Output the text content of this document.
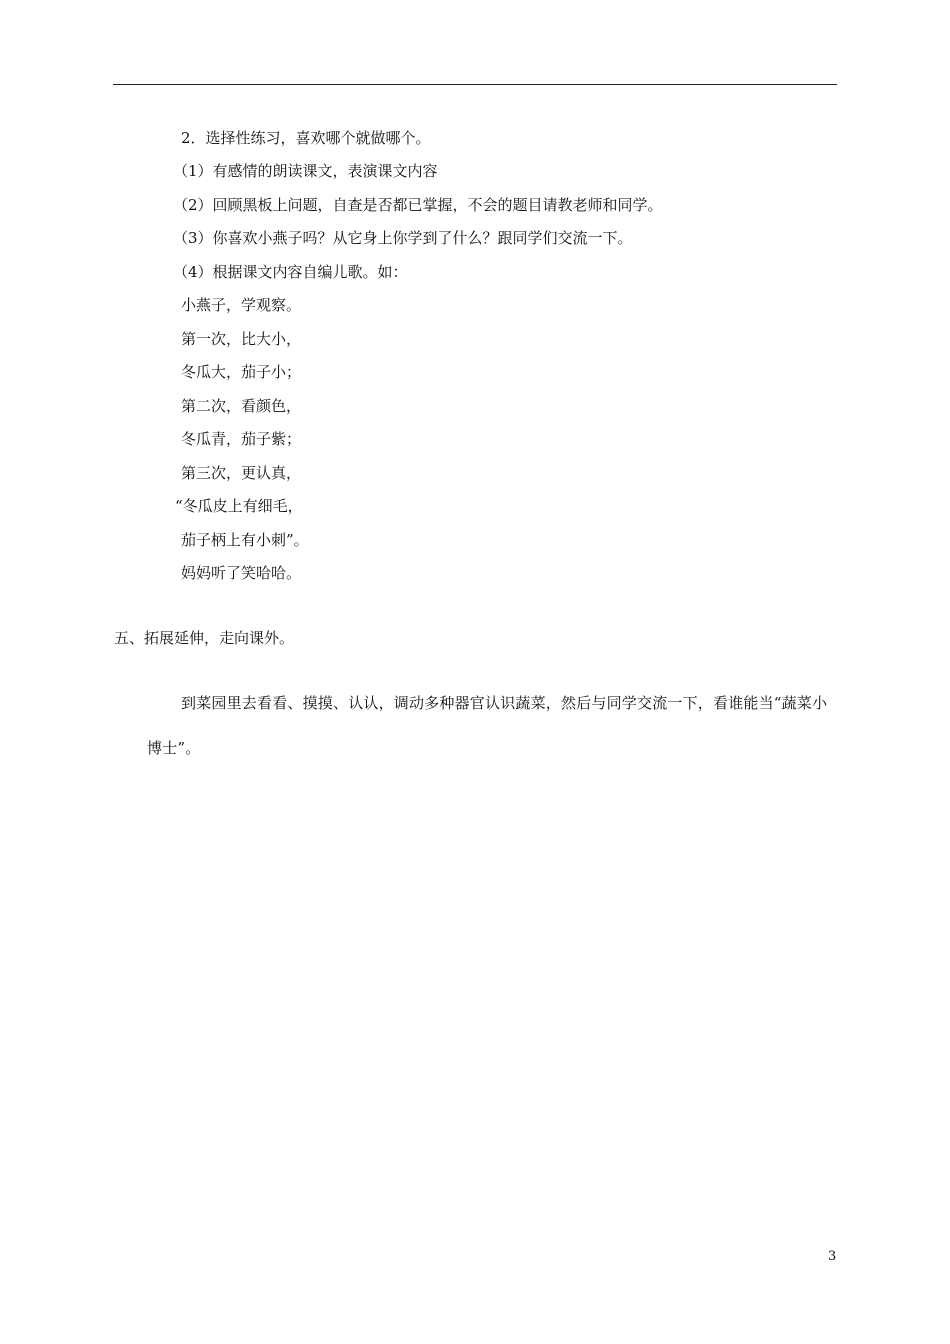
2．选择性练习，喜欢哪个就做哪个。
（1）有感情的朗读课文，表演课文内容
（2）回顾黑板上问题，自查是否都已掌握，不会的题目请教老师和同学。
（3）你喜欢小燕子吗？从它身上你学到了什么？跟同学们交流一下。
（4）根据课文内容自编儿歌。如：
小燕子，学观察。
第一次，比大小，
冬瓜大，茄子小；
第二次，看颜色，
冬瓜青，茄子紫；
第三次，更认真，
“冬瓜皮上有细毛，
茄子柄上有小刺”。
妈妈听了笑哈哈。
五、拓展延伸，走向课外。
到菜园里去看看、摸摸、认认，调动多种器官认识蔬菜，然后与同学交流一下，看谁能当“蔬菜小博士”。
3
